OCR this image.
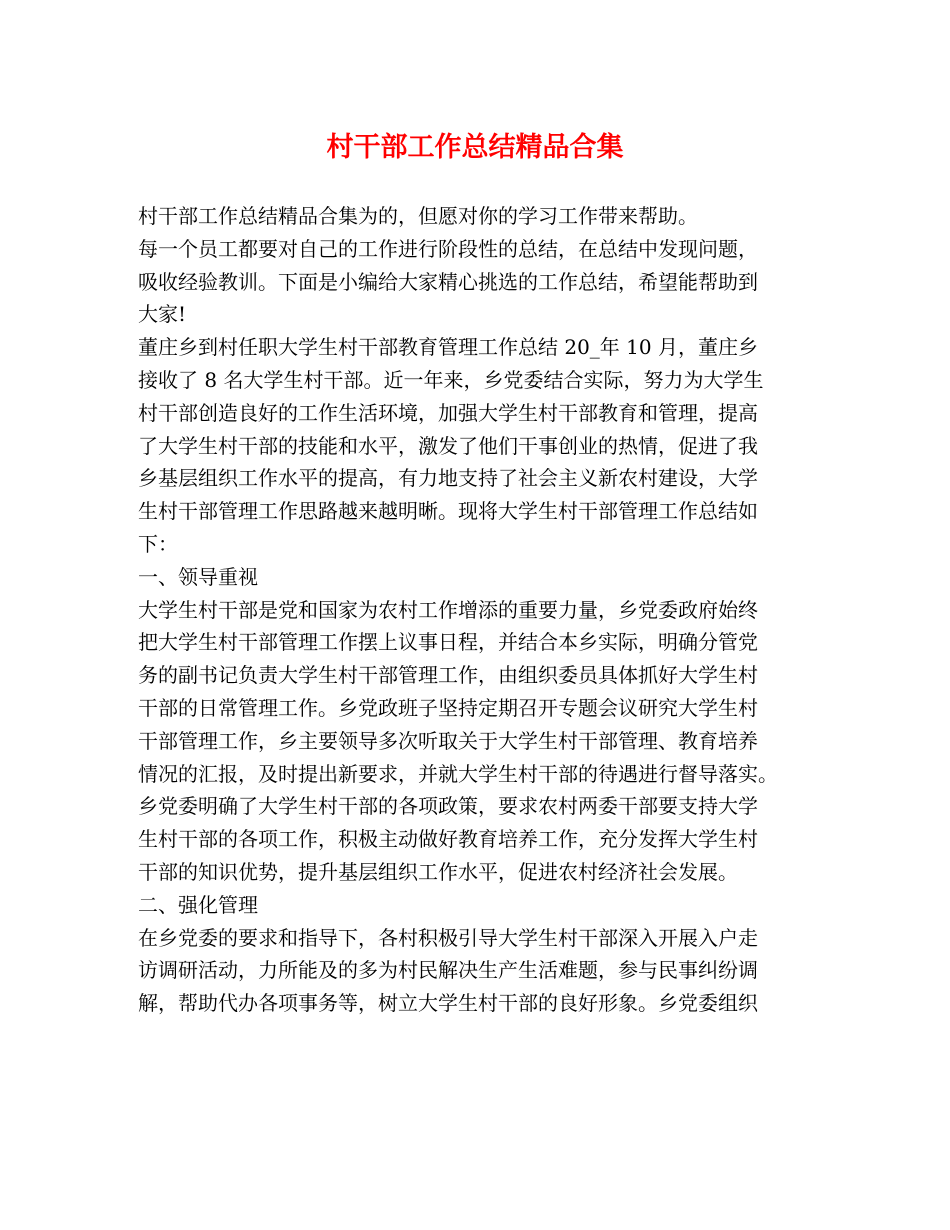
村干部工作总结精品合集
村干部工作总结精品合集为的，但愿对你的学习工作带来帮助。
每一个员工都要对自己的工作进行阶段性的总结，在总结中发现问题，
吸收经验教训。下面是小编给大家精心挑选的工作总结，希望能帮助到
大家!
董庄乡到村任职大学生村干部教育管理工作总结 20_年 10 月，董庄乡
接收了 8 名大学生村干部。近一年来，乡党委结合实际，努力为大学生
村干部创造良好的工作生活环境，加强大学生村干部教育和管理，提高
了大学生村干部的技能和水平，激发了他们干事创业的热情，促进了我
乡基层组织工作水平的提高，有力地支持了社会主义新农村建设，大学
生村干部管理工作思路越来越明晰。现将大学生村干部管理工作总结如
下：
一、领导重视
大学生村干部是党和国家为农村工作增添的重要力量，乡党委政府始终
把大学生村干部管理工作摆上议事日程，并结合本乡实际，明确分管党
务的副书记负责大学生村干部管理工作，由组织委员具体抓好大学生村
干部的日常管理工作。乡党政班子坚持定期召开专题会议研究大学生村
干部管理工作，乡主要领导多次听取关于大学生村干部管理、教育培养
情况的汇报，及时提出新要求，并就大学生村干部的待遇进行督导落实。
乡党委明确了大学生村干部的各项政策，要求农村两委干部要支持大学
生村干部的各项工作，积极主动做好教育培养工作，充分发挥大学生村
干部的知识优势，提升基层组织工作水平，促进农村经济社会发展。
二、强化管理
在乡党委的要求和指导下，各村积极引导大学生村干部深入开展入户走
访调研活动，力所能及的多为村民解决生产生活难题，参与民事纠纷调
解，帮助代办各项事务等，树立大学生村干部的良好形象。乡党委组织
